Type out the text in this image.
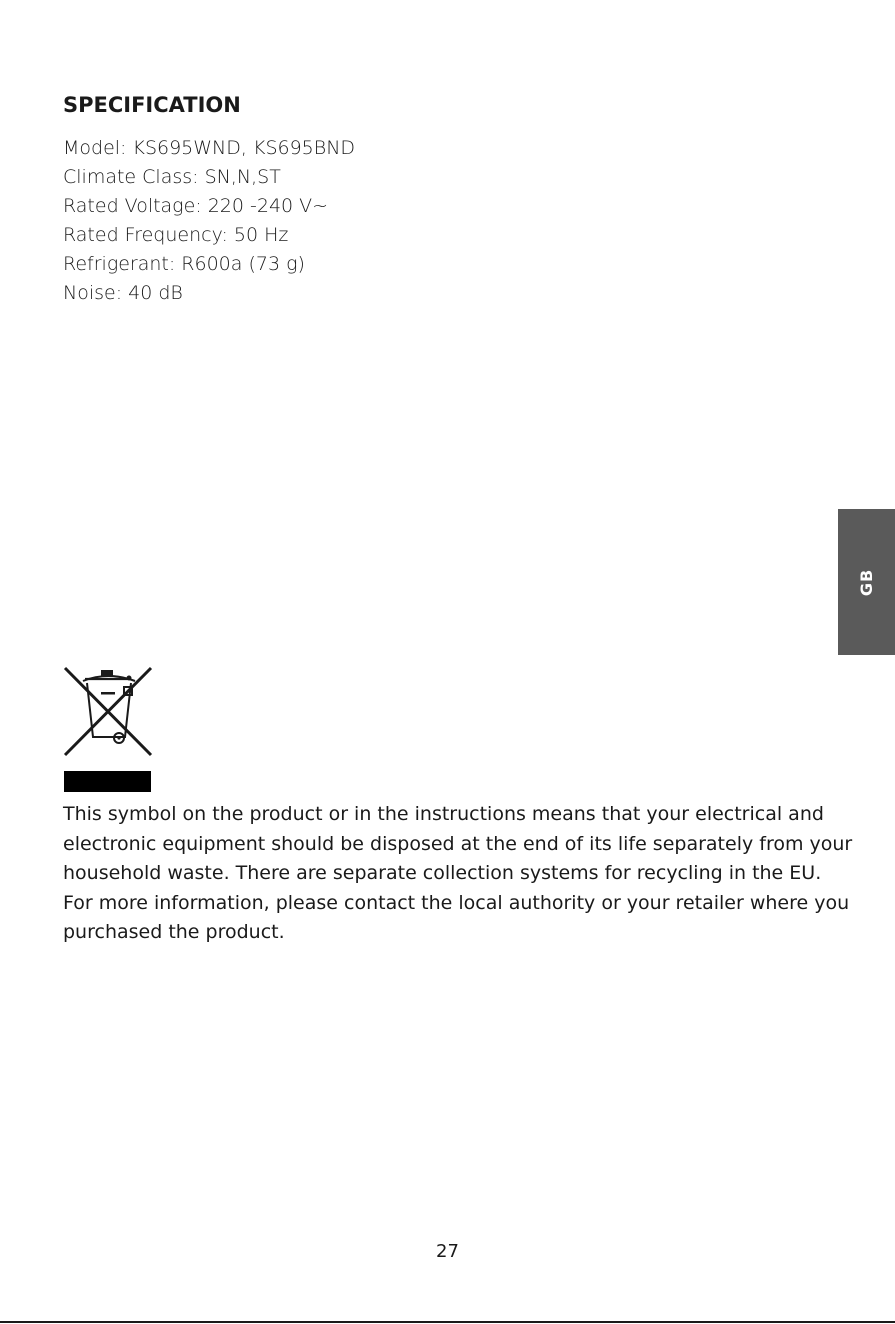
SPECIFICATION
Model: KS695WND, KS695BND
Climate Class: SN,N,ST
Rated Voltage: 220 -240 V~
Rated Frequency: 50 Hz
Refrigerant: R600a (73 g)
Noise: 40 dB

This symbol on the product or in the instructions means that your electrical and electronic equipment should be disposed at the end of its life separately from your household waste. There are separate collection systems for recycling in the EU. For more information, please contact the local authority or your retailer where you purchased the product.

GB
27
